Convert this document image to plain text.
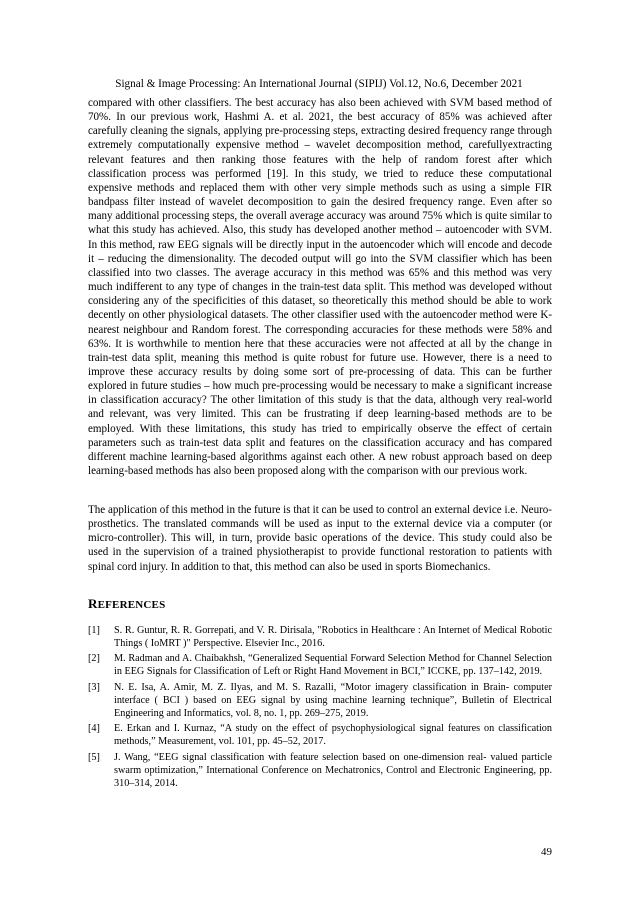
Signal & Image Processing: An International Journal (SIPIJ) Vol.12, No.6, December 2021

compared with other classifiers. The best accuracy has also been achieved with SVM based method of 70%. In our previous work, Hashmi A. et al. 2021, the best accuracy of 85% was achieved after carefully cleaning the signals, applying pre-processing steps, extracting desired frequency range through extremely computationally expensive method – wavelet decomposition method, carefullyextracting relevant features and then ranking those features with the help of random forest after which classification process was performed [19]. In this study, we tried to reduce these computational expensive methods and replaced them with other very simple methods such as using a simple FIR bandpass filter instead of wavelet decomposition to gain the desired frequency range. Even after so many additional processing steps, the overall average accuracy was around 75% which is quite similar to what this study has achieved. Also, this study has developed another method – autoencoder with SVM. In this method, raw EEG signals will be directly input in the autoencoder which will encode and decode it – reducing the dimensionality. The decoded output will go into the SVM classifier which has been classified into two classes. The average accuracy in this method was 65% and this method was very much indifferent to any type of changes in the train-test data split. This method was developed without considering any of the specificities of this dataset, so theoretically this method should be able to work decently on other physiological datasets. The other classifier used with the autoencoder method were K-nearest neighbour and Random forest. The corresponding accuracies for these methods were 58% and 63%. It is worthwhile to mention here that these accuracies were not affected at all by the change in train-test data split, meaning this method is quite robust for future use. However, there is a need to improve these accuracy results by doing some sort of pre-processing of data. This can be further explored in future studies – how much pre-processing would be necessary to make a significant increase in classification accuracy? The other limitation of this study is that the data, although very real-world and relevant, was very limited. This can be frustrating if deep learning-based methods are to be employed. With these limitations, this study has tried to empirically observe the effect of certain parameters such as train-test data split and features on the classification accuracy and has compared different machine learning-based algorithms against each other. A new robust approach based on deep learning-based methods has also been proposed along with the comparison with our previous work.

The application of this method in the future is that it can be used to control an external device i.e. Neuro-prosthetics. The translated commands will be used as input to the external device via a computer (or micro-controller). This will, in turn, provide basic operations of the device. This study could also be used in the supervision of a trained physiotherapist to provide functional restoration to patients with spinal cord injury. In addition to that, this method can also be used in sports Biomechanics.

REFERENCES
[1]	S. R. Guntur, R. R. Gorrepati, and V. R. Dirisala, "Robotics in Healthcare : An Internet of Medical Robotic Things ( IoMRT )" Perspective. Elsevier Inc., 2016.
[2]	M. Radman and A. Chaibakhsh, “Generalized Sequential Forward Selection Method for Channel Selection in EEG Signals for Classification of Left or Right Hand Movement in BCI,” ICCKE, pp. 137–142, 2019.
[3]	N. E. Isa, A. Amir, M. Z. Ilyas, and M. S. Razalli, “Motor imagery classification in Brain- computer interface ( BCI ) based on EEG signal by using machine learning technique”, Bulletin of Electrical Engineering and Informatics, vol. 8, no. 1, pp. 269–275, 2019.
[4]	E. Erkan and I. Kurnaz, “A study on the effect of psychophysiological signal features on classification methods,” Measurement, vol. 101, pp. 45–52, 2017.
[5]	J. Wang, “EEG signal classification with feature selection based on one-dimension real- valued particle swarm optimization,” International Conference on Mechatronics, Control and Electronic Engineering, pp. 310–314, 2014.
49
